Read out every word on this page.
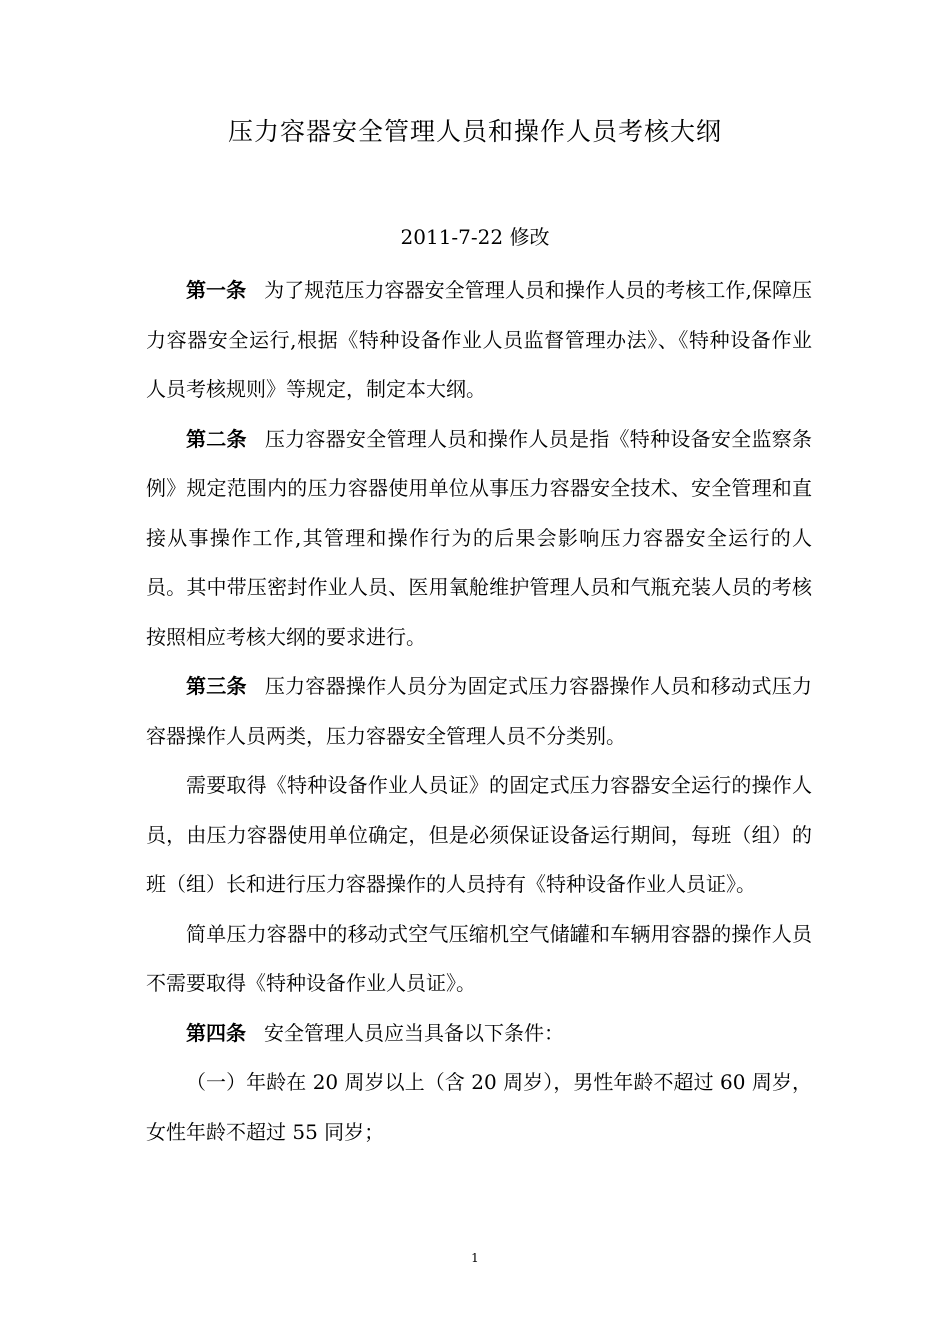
压力容器安全管理人员和操作人员考核大纲
2011-7-22 修改

第一条 为了规范压力容器安全管理人员和操作人员的考核工作,保障压力容器安全运行,根据《特种设备作业人员监督管理办法》、《特种设备作业人员考核规则》等规定，制定本大纲。

第二条 压力容器安全管理人员和操作人员是指《特种设备安全监察条例》规定范围内的压力容器使用单位从事压力容器安全技术、安全管理和直接从事操作工作,其管理和操作行为的后果会影响压力容器安全运行的人员。其中带压密封作业人员、医用氧舱维护管理人员和气瓶充装人员的考核按照相应考核大纲的要求进行。

第三条 压力容器操作人员分为固定式压力容器操作人员和移动式压力容器操作人员两类，压力容器安全管理人员不分类别。

需要取得《特种设备作业人员证》的固定式压力容器安全运行的操作人员，由压力容器使用单位确定，但是必须保证设备运行期间，每班（组）的班（组）长和进行压力容器操作的人员持有《特种设备作业人员证》。

简单压力容器中的移动式空气压缩机空气储罐和车辆用容器的操作人员不需要取得《特种设备作业人员证》。

第四条 安全管理人员应当具备以下条件：

（一）年龄在 20 周岁以上（含 20 周岁），男性年龄不超过 60 周岁，女性年龄不超过 55 同岁；

1
